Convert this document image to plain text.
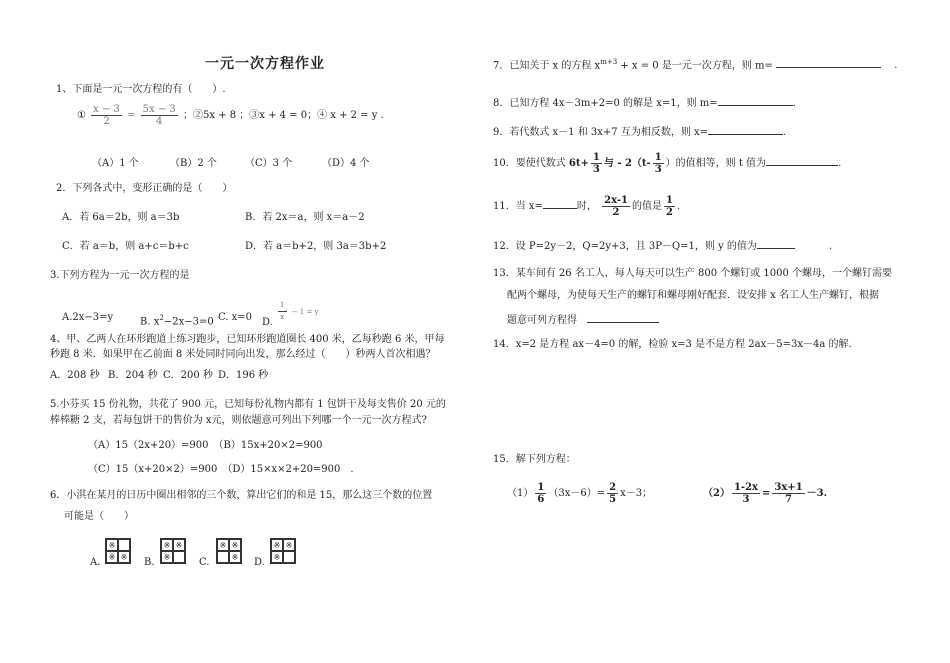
一元一次方程作业
1、下面是一元一次方程的有（　　）.
① $\frac{x - 3}{2} = \frac{5x - 3}{4}$ ；②5x + 8 ；③x + 4 = 0；④ x + 2 = y .
（A）1 个	（B）2 个	（C）3 个	（D）4 个
2．下列各式中，变形正确的是（　　）
A．若 6a＝2b，则 a＝3b	B．若 2x＝a，则 x＝a－2
C．若 a＝b，则 a+c＝b+c	D．若 a＝b+2，则 3a＝3b+2
3.下列方程为一元一次方程的是
A.2x−3=y	B. $x^2-2x-3=0$ C. x=0 D. $\frac{1}{x} - 1 = y$
4、甲、乙两人在环形跑道上练习跑步，已知环形跑道圈长 400 米，乙每秒跑 6 米，甲每
秒跑 8 米．如果甲在乙前面 8 米处同时同向出发，那么经过（　　）秒两人首次相遇？
A．208 秒 B．204 秒 C．200 秒 D．196 秒
5.小芬买 15 份礼物，共花了 900 元，已知每份礼物内都有 1 包饼干及每支售价 20 元的
棒棒糖 2 支，若每包饼干的售价为 x元，则依题意可列出下列哪一个一元一次方程式?
（A）15（2x+20）=900　（B）15x+20×2=900
（C）15（x+20×2）=900　（D）15×x×2+20=900　.
6．小淇在某月的日历中圈出相邻的三个数，算出它们的和是 15，那么这三个数的位置
可能是（　　）
A.
※
※ ※ B.
※ ※
※	C.
※ ※
※ D.
※ ※
※
7．已知关于 x 的方程 $x^{m+3} + x = 0$ 是一元一次方程，则 m=	.
8．已知方程 4x－3m+2=0 的解是 x=1，则 m=	.
9．若代数式 x－1 和 3x+7 互为相反数，则 x=	.
10．要使代数式 $6t+ \frac{1}{3}$ 与 - $2(t- \frac{1}{3}$ ）的值相等，则 t 值为	.
11．当 x=	时， $\frac{2x-1}{2}$ 的值是 $\frac{1}{2}$ .
12．设 P=2y－2，Q=2y+3，且 3P－Q=1，则 y 的值为	.
13．某车间有 26 名工人，每人每天可以生产 800 个螺钉或 1000 个螺母，一个螺钉需要
配两个螺母，为使每天生产的螺钉和螺母刚好配套．设安排 x 名工人生产螺钉，根据
题意可列方程得
14．x=2 是方程 ax－4=0 的解，检验 x=3 是不是方程 2ax－5=3x－4a 的解.
15．解下列方程：
$(1) \frac{1}{6} (3x-6)= \frac{2}{5} x-3$；	$(2) \frac{1-2x}{3} = \frac{3x+1}{7} -3$.
